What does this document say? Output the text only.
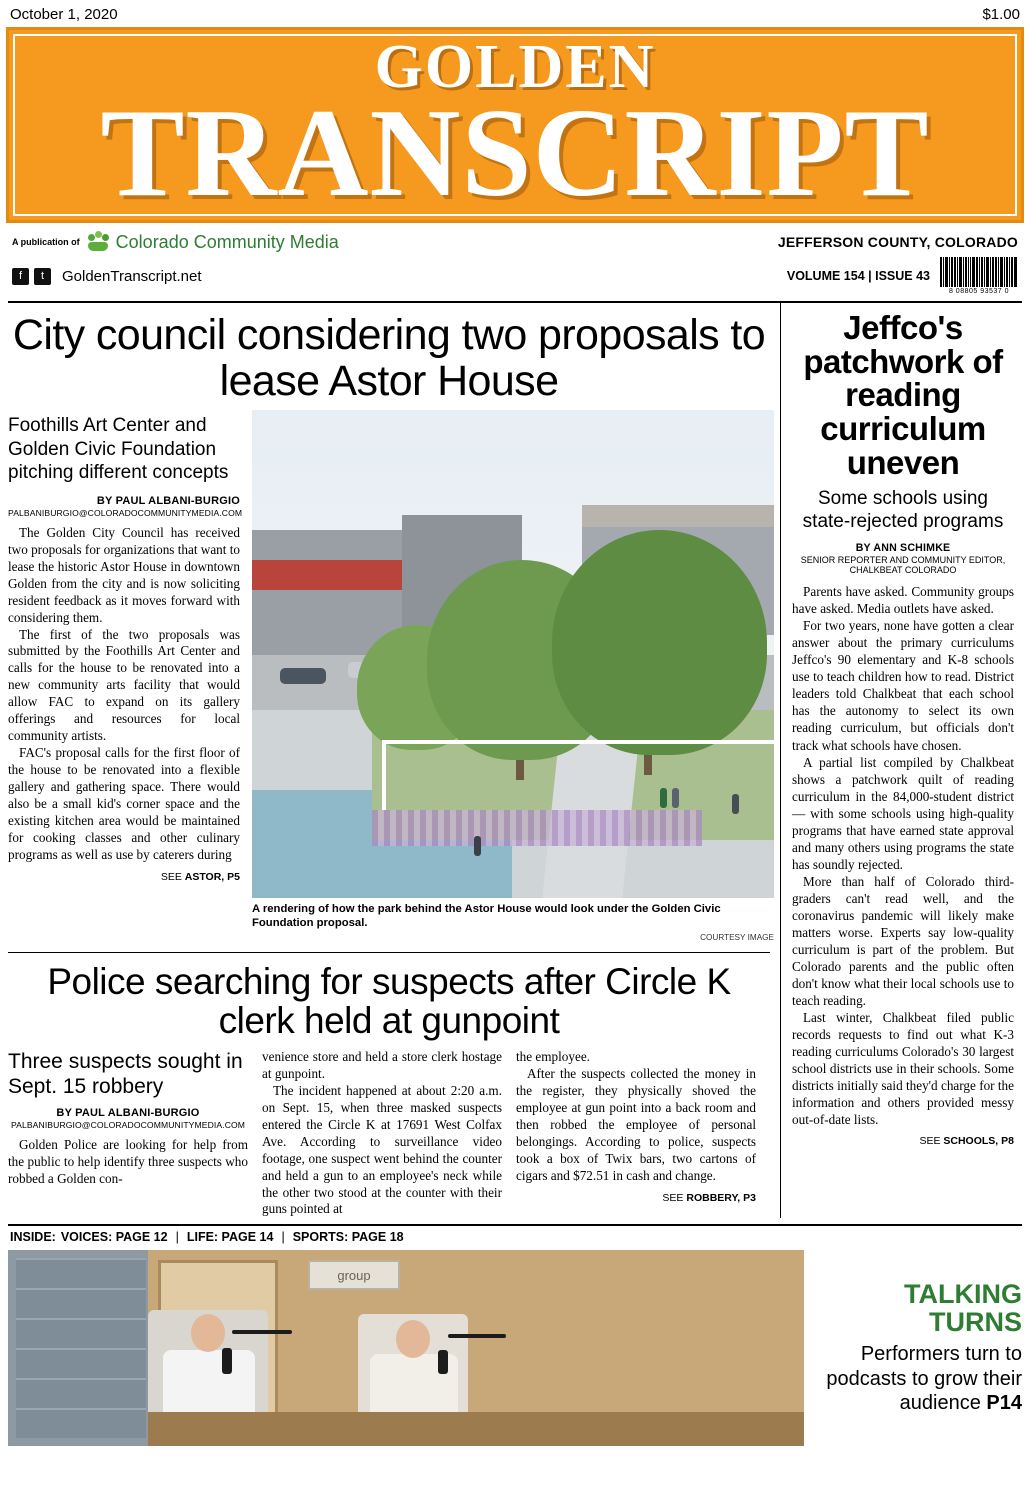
October 1, 2020	$1.00
GOLDEN
TRANSCRIPT
A publication of Colorado Community Media	JEFFERSON COUNTY, COLORADO
f	t	GoldenTranscript.net	VOLUME 154 | ISSUE 43
8 08805 93537 0
City council considering two proposals to lease Astor House
Foothills Art Center and Golden Civic Foundation pitching different concepts
BY PAUL ALBANI-BURGIO
PALBANIBURGIO@COLORADOCOMMUNITYMEDIA.COM

The Golden City Council has received two proposals for organizations that want to lease the historic Astor House in downtown Golden from the city and is now soliciting resident feedback as it moves forward with considering them.

The first of the two proposals was submitted by the Foothills Art Center and calls for the house to be renovated into a new community arts facility that would allow FAC to expand on its gallery offerings and resources for local community artists.

FAC's proposal calls for the first floor of the house to be renovated into a flexible gallery and gathering space. There would also be a small kid's corner space and the existing kitchen area would be maintained for cooking classes and other culinary programs as well as use by caterers during

SEE ASTOR, P5
A rendering of how the park behind the Astor House would look under the Golden Civic Foundation proposal.
COURTESY IMAGE
Police searching for suspects after Circle K clerk held at gunpoint
Three suspects sought in Sept. 15 robbery
BY PAUL ALBANI-BURGIO
PALBANIBURGIO@COLORADOCOMMUNITYMEDIA.COM

Golden Police are looking for help from the public to help identify three suspects who robbed a Golden con-

venience store and held a store clerk hostage at gunpoint.

The incident happened at about 2:20 a.m. on Sept. 15, when three masked suspects entered the Circle K at 17691 West Colfax Ave. According to surveillance video footage, one suspect went behind the counter and held a gun to an employee's neck while the other two stood at the counter with their guns pointed at

the employee.

After the suspects collected the money in the register, they physically shoved the employee at gun point into a back room and then robbed the employee of personal belongings. According to police, suspects took a box of Twix bars, two cartons of cigars and $72.51 in cash and change.

SEE ROBBERY, P3
Jeffco's patchwork of reading curriculum uneven
Some schools using state-rejected programs
BY ANN SCHIMKE
SENIOR REPORTER AND COMMUNITY EDITOR, CHALKBEAT COLORADO

Parents have asked. Community groups have asked. Media outlets have asked.

For two years, none have gotten a clear answer about the primary curriculums Jeffco's 90 elementary and K-8 schools use to teach children how to read. District leaders told Chalkbeat that each school has the autonomy to select its own reading curriculum, but officials don't track what schools have chosen.

A partial list compiled by Chalkbeat shows a patchwork quilt of reading curriculum in the 84,000-student district — with some schools using high-quality programs that have earned state approval and many others using programs the state has soundly rejected.

More than half of Colorado third-graders can't read well, and the coronavirus pandemic will likely make matters worse. Experts say low-quality curriculum is part of the problem. But Colorado parents and the public often don't know what their local schools use to teach reading.

Last winter, Chalkbeat filed public records requests to find out what K-3 reading curriculums Colorado's 30 largest school districts use in their schools. Some districts initially said they'd charge for the information and others provided messy out-of-date lists.

SEE SCHOOLS, P8
INSIDE: VOICES: PAGE 12 | LIFE: PAGE 14 | SPORTS: PAGE 18
group
TALKING
TURNS
Performers turn to podcasts to grow their audience P14
